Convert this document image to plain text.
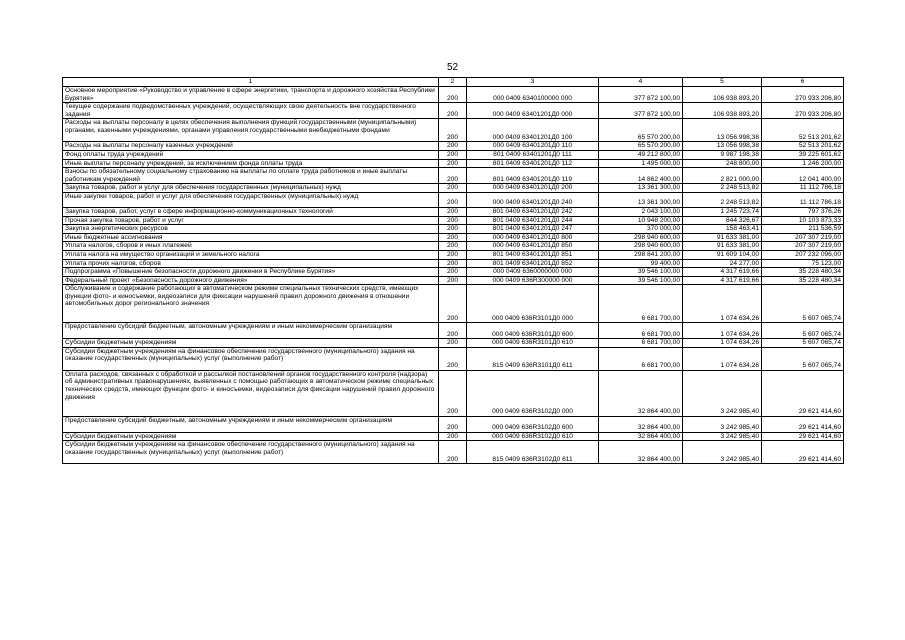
52
1	2	3	4	5	6
Основное мероприятие «Руководство и управление в сфере энергетики, транспорта и дорожного хозяйства Республики Бурятия»	200	000 0409 6340100000 000	377 872 100,00	106 938 893,20	270 933 206,80
Текущее содержание подведомственных учреждений, осуществляющих свою деятельность вне государственного задания	200	000 0409 63401201Д0 000	377 872 100,00	106 938 893,20	270 933 206,80
Расходы на выплаты персоналу в целях обеспечения выполнения функций государственными (муниципальными) органами, казенными учреждениями, органами управления государственными внебюджетными фондами	200	000 0409 63401201Д0 100	65 570 200,00	13 056 998,38	52 513 201,62
Расходы на выплаты персоналу казенных учреждений	200	000 0409 63401201Д0 110	65 570 200,00	13 056 998,38	52 513 201,62
Фонд оплаты труда учреждений	200	801 0409 63401201Д0 111	49 212 800,00	9 987 198,38	39 225 601,62
Иные выплаты персоналу учреждений, за исключением фонда оплаты труда	200	801 0409 63401201Д0 112	1 495 000,00	248 800,00	1 246 200,00
Взносы по обязательному социальному страхованию на выплаты по оплате труда работников и иные выплаты работникам учреждений	200	801 0409 63401201Д0 119	14 862 400,00	2 821 000,00	12 041 400,00
Закупка товаров, работ и услуг для обеспечения государственных (муниципальных) нужд	200	000 0409 63401201Д0 200	13 361 300,00	2 248 513,82	11 112 786,18
Иные закупки товаров, работ и услуг для обеспечения государственных (муниципальных) нужд	200	000 0409 63401201Д0 240	13 361 300,00	2 248 513,82	11 112 786,18
Закупка товаров, работ, услуг в сфере информационно-коммуникационных технологий	200	801 0409 63401201Д0 242	2 043 100,00	1 245 723,74	797 376,26
Прочая закупка товаров, работ и услуг	200	801 0409 63401201Д0 244	10 948 200,00	844 326,67	10 103 873,33
Закупка энергетических ресурсов	200	801 0409 63401201Д0 247	370 000,00	158 463,41	211 536,59
Иные бюджетные ассигнования	200	000 0409 63401201Д0 800	298 940 600,00	91 633 381,00	207 307 219,00
Уплата налогов, сборов и иных платежей	200	000 0409 63401201Д0 850	298 940 600,00	91 633 381,00	207 307 219,00
Уплата налога на имущество организаций и земельного налога	200	801 0409 63401201Д0 851	298 841 200,00	91 609 104,00	207 232 096,00
Уплата прочих налогов, сборов	200	801 0409 63401201Д0 852	99 400,00	24 277,00	75 123,00
Подпрограмма «Повышение безопасности дорожного движения в Республике Бурятия»	200	000 0409 6360000000 000	39 546 100,00	4 317 619,66	35 228 480,34
Федеральный проект «Безопасность дорожного движения»	200	000 0409 636R300000 000	39 546 100,00	4 317 619,66	35 228 480,34
Обслуживание и содержание работающих в автоматическом режиме специальных технических средств, имеющих функции фото- и киносъемки, видеозаписи для фиксации нарушений правил дорожного движения в отношении автомобильных дорог регионального значения	200	000 0409 636R3101Д0 000	6 681 700,00	1 074 634,26	5 607 065,74
Предоставление субсидий бюджетным, автономным учреждениям и иным некоммерческим организациям	200	000 0409 636R3101Д0 600	6 681 700,00	1 074 634,26	5 607 065,74
Субсидии бюджетным учреждениям	200	000 0409 636R3101Д0 610	6 681 700,00	1 074 634,26	5 607 065,74
Субсидии бюджетным учреждениям на финансовое обеспечение государственного (муниципального) задания на оказание государственных (муниципальных) услуг (выполнение работ)	200	815 0409 636R3101Д0 611	6 681 700,00	1 074 634,26	5 607 065,74
Оплата расходов, связанных с обработкой и рассылкой постановлений органов государственного контроля (надзора) об административных правонарушениях, выявленных с помощью работающих в автоматическом режиме специальных технических средств, имеющих функции фото- и киносъемки, видеозаписи для фиксации нарушений правил дорожного движения	200	000 0409 636R3102Д0 000	32 864 400,00	3 242 985,40	29 621 414,60
Предоставление субсидий бюджетным, автономным учреждениям и иным некоммерческим организациям	200	000 0409 636R3102Д0 600	32 864 400,00	3 242 985,40	29 621 414,60
Субсидии бюджетным учреждениям	200	000 0409 636R3102Д0 610	32 864 400,00	3 242 985,40	29 621 414,60
Субсидии бюджетным учреждениям на финансовое обеспечение государственного (муниципального) задания на оказание государственных (муниципальных) услуг (выполнение работ)	200	815 0409 636R3102Д0 611	32 864 400,00	3 242 985,40	29 621 414,60
